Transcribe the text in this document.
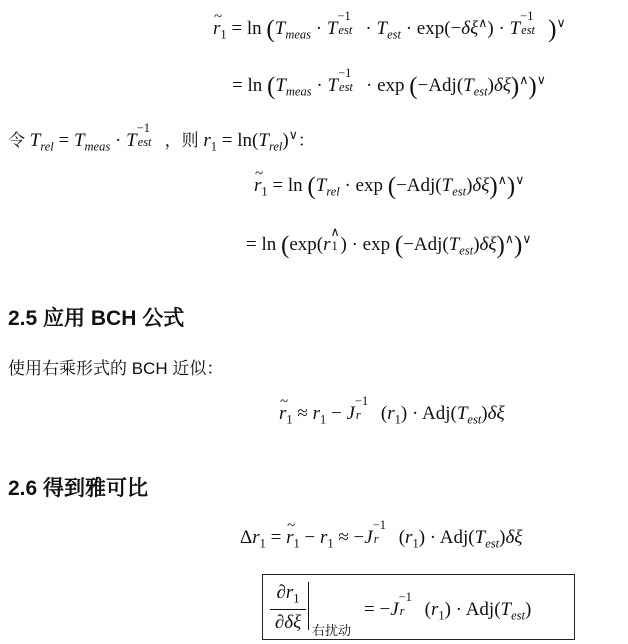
~ $r_1 = \ln (T_{meas} \cdot T$
−1
est · $T_{est} \cdot \exp(-\delta\xi^\wedge) \cdot T$
−1
est )∨
= $\ln (T_{meas} \cdot T$
−1
est · $\exp (-Adj(T_{est})\delta\xi)^\wedge)^\vee$
令 $T_{rel} = T_{meas} \cdot T$
−1
est ，则 $r_1 = \ln(T_{rel})^\vee$：
~ $r_1 = \ln (T_{rel} \cdot \exp (-Adj(T_{est})\delta\xi)^\wedge)^\vee$
= ln (exp(r
∧
1 ) · $\exp (-Adj(T_{est})\delta\xi)^\wedge)^\vee$
2.5 应用 BCH 公式
使用右乘形式的 BCH 近似：
~ $r_1 \approx r_1 - J$
−1
r $(r_1) \cdot Adj(T_{est})\delta\xi$
2.6 得到雅可比
$\Delta r_1$ = ~ $r_1 - r_1 \approx -J$
−1
r $(r_1) \cdot Adj(T_{est})\delta\xi$
$\partial r_1$
∂δξ 右扰动
= −J
−1
r $(r_1) \cdot Adj(T_{est})$
